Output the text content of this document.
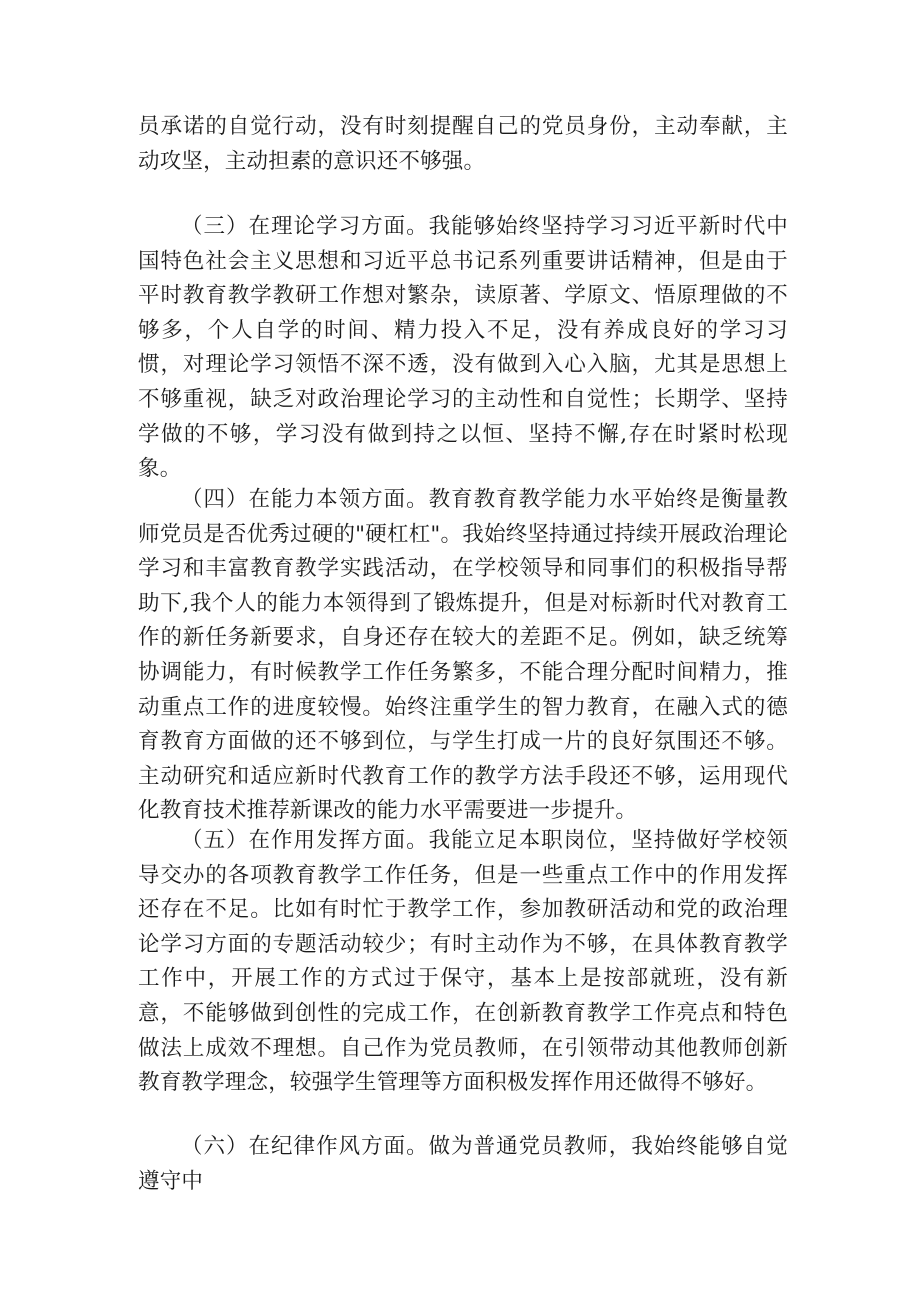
员承诺的自觉行动，没有时刻提醒自己的党员身份，主动奉献，主动攻坚，主动担素的意识还不够强。

（三）在理论学习方面。我能够始终坚持学习习近平新时代中国特色社会主义思想和习近平总书记系列重要讲话精神，但是由于平时教育教学教研工作想对繁杂，读原著、学原文、悟原理做的不够多，个人自学的时间、精力投入不足，没有养成良好的学习习惯，对理论学习领悟不深不透，没有做到入心入脑，尤其是思想上不够重视，缺乏对政治理论学习的主动性和自觉性；长期学、坚持学做的不够，学习没有做到持之以恒、坚持不懈,存在时紧时松现象。

（四）在能力本领方面。教育教育教学能力水平始终是衡量教师党员是否优秀过硬的"硬杠杠"。我始终坚持通过持续开展政治理论学习和丰富教育教学实践活动，在学校领导和同事们的积极指导帮助下,我个人的能力本领得到了锻炼提升，但是对标新时代对教育工作的新任务新要求，自身还存在较大的差距不足。例如，缺乏统筹协调能力，有时候教学工作任务繁多，不能合理分配时间精力，推动重点工作的进度较慢。始终注重学生的智力教育，在融入式的德育教育方面做的还不够到位，与学生打成一片的良好氛围还不够。主动研究和适应新时代教育工作的教学方法手段还不够，运用现代化教育技术推荐新课改的能力水平需要进一步提升。

（五）在作用发挥方面。我能立足本职岗位，坚持做好学校领导交办的各项教育教学工作任务，但是一些重点工作中的作用发挥还存在不足。比如有时忙于教学工作，参加教研活动和党的政治理论学习方面的专题活动较少；有时主动作为不够，在具体教育教学工作中，开展工作的方式过于保守，基本上是按部就班，没有新意，不能够做到创性的完成工作，在创新教育教学工作亮点和特色做法上成效不理想。自己作为党员教师，在引领带动其他教师创新教育教学理念，较强学生管理等方面积极发挥作用还做得不够好。

（六）在纪律作风方面。做为普通党员教师，我始终能够自觉遵守中
